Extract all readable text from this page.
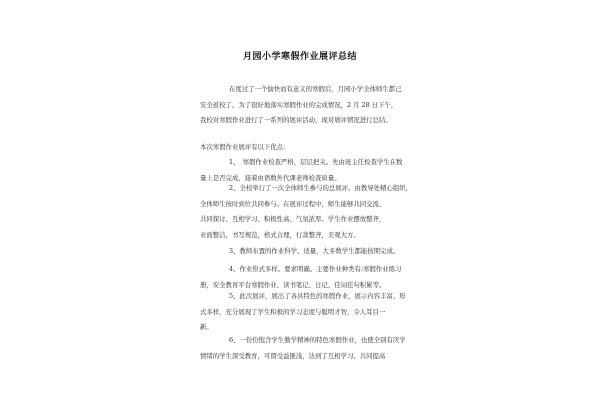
月园小学寒假作业展评总结

在度过了一个愉快而有意义的寒假后，月园小学全体师生都已

安全返校了。为了很好地落实寒假作业的完成情况，2 月 28 日下午，

我校对寒假作业进行了一系列的展评活动，现对展评情况进行总结。

本次寒假作业展评有以下优点：

1、　寒假作业检查严格，层层把关。先由班主任检查学生在数

量上是否完成，接着由语数外代课老师检查质量。

2、全校举行了一次全体师生参与的总展评。由教导处精心组织，

全体师生按时到位共同参与。在展评过程中，师生能够共同交流、

共同探讨、互相学习、积极性高、气氛浓厚。学生作业摆放整齐，

业面整洁，书写规范，格式合理，行款整齐，美观大方。

3、教师布置的作业科学、适量，大多数学生都能按期完成。

4、作业形式多样。要求明确。主要作业种类有:寒假作业练习

册，安全教育平台寒假作业、读书笔记、日记、佳词佳句积累等。

5、此次展评，展出了各具特色的寒假作业，展示内容丰富、形

式多样，充分展现了学生积极的学习态度与聪明才智，令人耳目一

新。

6、一份份饱含学生勤学精神的特色寒假作业，也使全别有厌学

情绪的学生深受教育，可谓受益匪浅，达到了互相学习、共同提高
